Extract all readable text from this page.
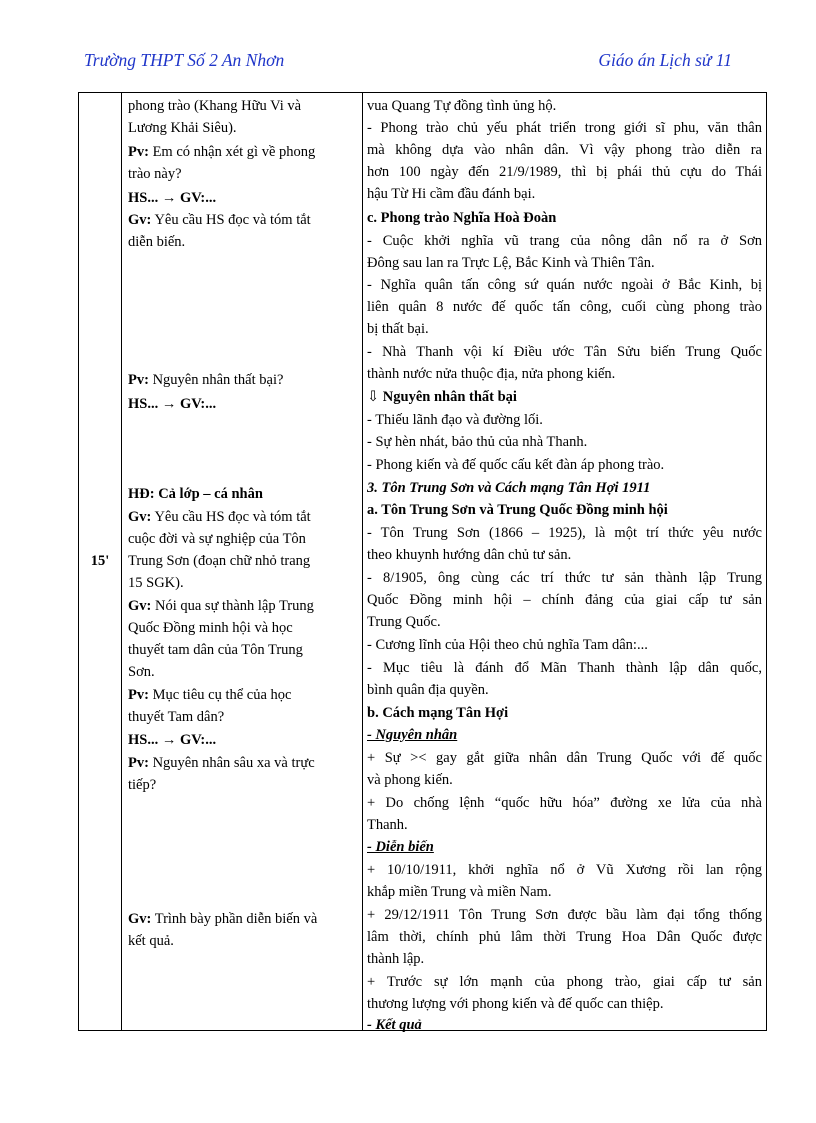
Trường THPT Số 2 An Nhơn	Giáo án Lịch sử 11
15'	
phong trào (Khang Hữu Vi và
Lương Khải Siêu).
Pv: Em có nhận xét gì về phong
trào này?
HS... → GV:...
Gv: Yêu cầu HS đọc và tóm tắt
diễn biến.
Pv: Nguyên nhân thất bại?
HS... → GV:...
HĐ: Cả lớp – cá nhân
Gv: Yêu cầu HS đọc và tóm tắt
cuộc đời và sự nghiệp của Tôn
Trung Sơn (đoạn chữ nhỏ trang
15 SGK).
Gv: Nói qua sự thành lập Trung
Quốc Đồng minh hội và học
thuyết tam dân của Tôn Trung
Sơn.
Pv: Mục tiêu cụ thể của học
thuyết Tam dân?
HS... → GV:...
Pv: Nguyên nhân sâu xa và trực
tiếp?
Gv: Trình bày phần diễn biến và
kết quả.

vua Quang Tự đồng tình ủng hộ.
- Phong trào chủ yếu phát triển trong giới sĩ phu, văn thân
mà không dựa vào nhân dân. Vì vậy phong trào diễn ra
hơn 100 ngày đến 21/9/1989, thì bị phái thủ cựu do Thái
hậu Từ Hi cầm đầu đánh bại.
c. Phong trào Nghĩa Hoà Đoàn
- Cuộc khởi nghĩa vũ trang của nông dân nổ ra ở Sơn
Đông sau lan ra Trực Lệ, Bắc Kinh và Thiên Tân.
- Nghĩa quân tấn công sứ quán nước ngoài ở Bắc Kinh, bị
liên quân 8 nước đế quốc tấn công, cuối cùng phong trào
bị thất bại.
- Nhà Thanh vội kí Điều ước Tân Sửu biến Trung Quốc
thành nước nửa thuộc địa, nửa phong kiến.
⇩ Nguyên nhân thất bại
- Thiếu lãnh đạo và đường lối.
- Sự hèn nhát, bảo thủ của nhà Thanh.
- Phong kiến và đế quốc cấu kết đàn áp phong trào.
3. Tôn Trung Sơn và Cách mạng Tân Hợi 1911
a. Tôn Trung Sơn và Trung Quốc Đồng minh hội
- Tôn Trung Sơn (1866 – 1925), là một trí thức yêu nước
theo khuynh hướng dân chủ tư sản.
- 8/1905, ông cùng các trí thức tư sản thành lập Trung
Quốc Đồng minh hội – chính đảng của giai cấp tư sản
Trung Quốc.
- Cương lĩnh của Hội theo chủ nghĩa Tam dân:...
- Mục tiêu là đánh đổ Mãn Thanh thành lập dân quốc,
bình quân địa quyền.
b. Cách mạng Tân Hợi
- Nguyên nhân
+ Sự >< gay gắt giữa nhân dân Trung Quốc với đế quốc
và phong kiến.
+ Do chống lệnh “quốc hữu hóa” đường xe lửa của nhà
Thanh.
- Diễn biến
+ 10/10/1911, khởi nghĩa nổ ở Vũ Xương rồi lan rộng
khắp miền Trung và miền Nam.
+ 29/12/1911 Tôn Trung Sơn được bầu làm đại tổng thống
lâm thời, chính phủ lâm thời Trung Hoa Dân Quốc được
thành lập.
+ Trước sự lớn mạnh của phong trào, giai cấp tư sản
thương lượng với phong kiến và đế quốc can thiệp.
- Kết quả
